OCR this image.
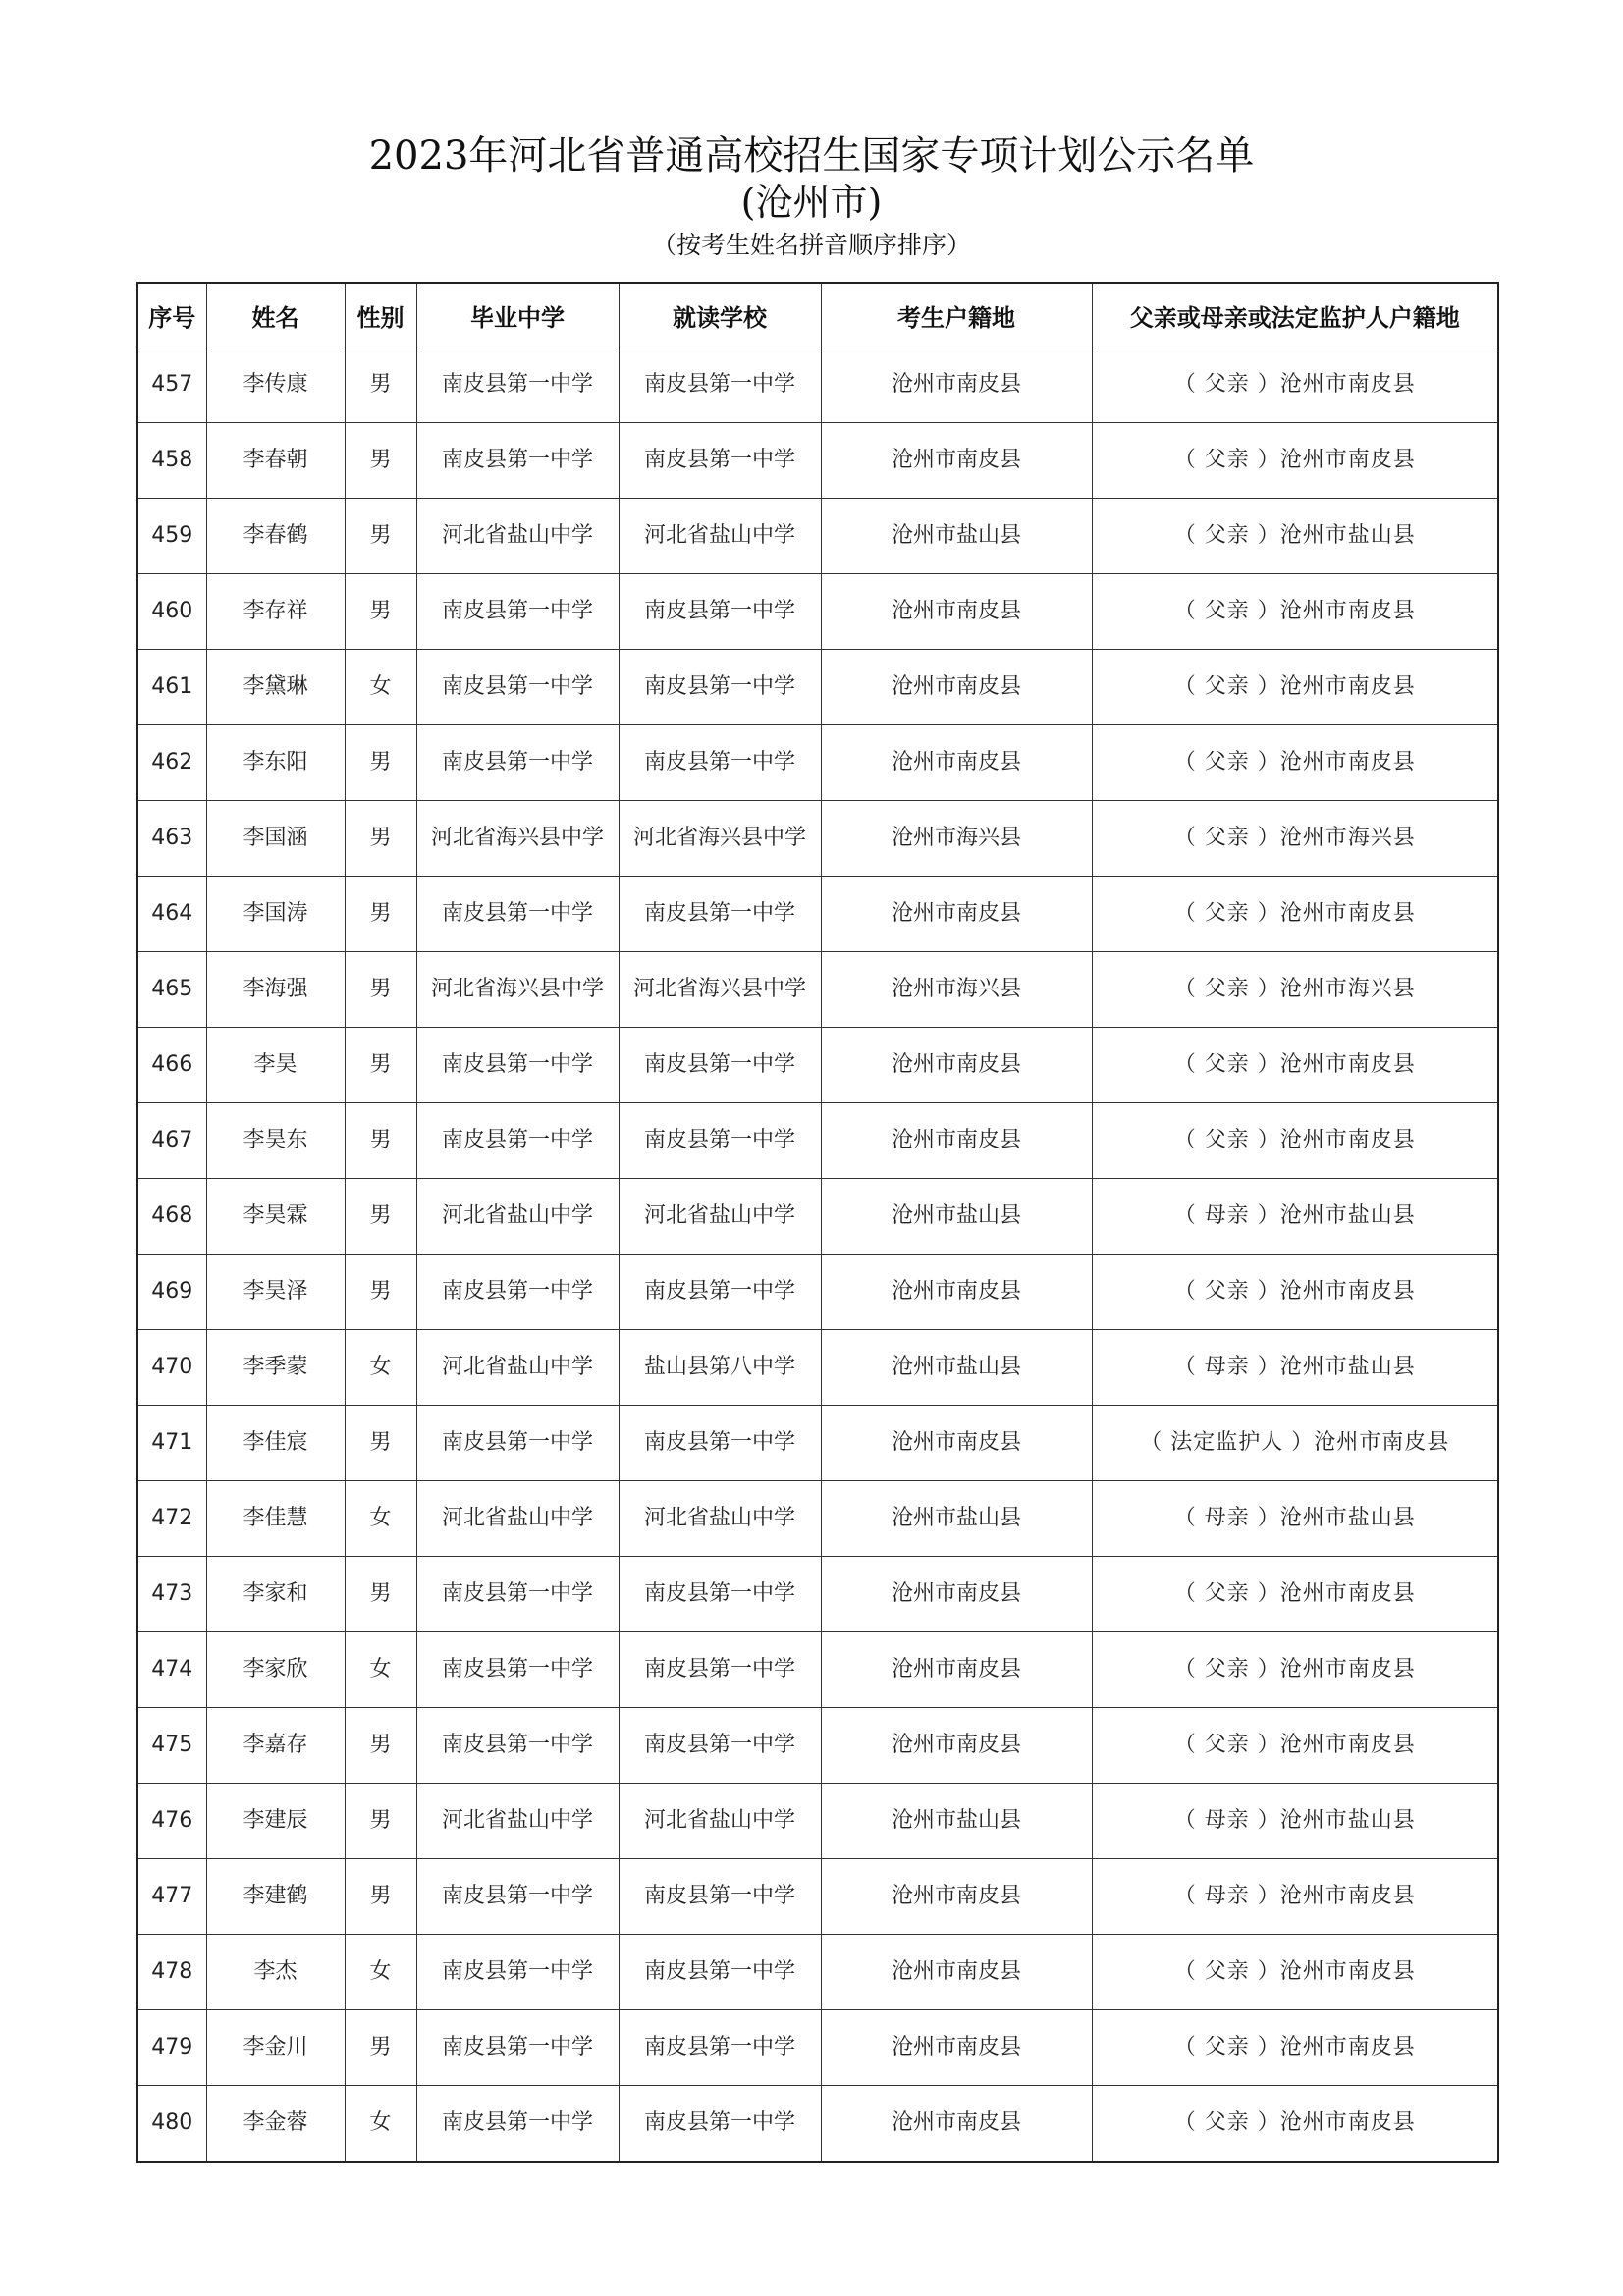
2023年河北省普通高校招生国家专项计划公示名单
(沧州市)
（按考生姓名拼音顺序排序）
序号	姓名	性别	毕业中学	就读学校	考生户籍地	父亲或母亲或法定监护人户籍地
457	李传康	男	南皮县第一中学	南皮县第一中学	沧州市南皮县	（ 父亲 ）沧州市南皮县
458	李春朝	男	南皮县第一中学	南皮县第一中学	沧州市南皮县	（ 父亲 ）沧州市南皮县
459	李春鹤	男	河北省盐山中学	河北省盐山中学	沧州市盐山县	（ 父亲 ）沧州市盐山县
460	李存祥	男	南皮县第一中学	南皮县第一中学	沧州市南皮县	（ 父亲 ）沧州市南皮县
461	李黛琳	女	南皮县第一中学	南皮县第一中学	沧州市南皮县	（ 父亲 ）沧州市南皮县
462	李东阳	男	南皮县第一中学	南皮县第一中学	沧州市南皮县	（ 父亲 ）沧州市南皮县
463	李国涵	男	河北省海兴县中学	河北省海兴县中学	沧州市海兴县	（ 父亲 ）沧州市海兴县
464	李国涛	男	南皮县第一中学	南皮县第一中学	沧州市南皮县	（ 父亲 ）沧州市南皮县
465	李海强	男	河北省海兴县中学	河北省海兴县中学	沧州市海兴县	（ 父亲 ）沧州市海兴县
466	李昊	男	南皮县第一中学	南皮县第一中学	沧州市南皮县	（ 父亲 ）沧州市南皮县
467	李昊东	男	南皮县第一中学	南皮县第一中学	沧州市南皮县	（ 父亲 ）沧州市南皮县
468	李昊霖	男	河北省盐山中学	河北省盐山中学	沧州市盐山县	（ 母亲 ）沧州市盐山县
469	李昊泽	男	南皮县第一中学	南皮县第一中学	沧州市南皮县	（ 父亲 ）沧州市南皮县
470	李季蒙	女	河北省盐山中学	盐山县第八中学	沧州市盐山县	（ 母亲 ）沧州市盐山县
471	李佳宸	男	南皮县第一中学	南皮县第一中学	沧州市南皮县	（ 法定监护人 ）沧州市南皮县
472	李佳慧	女	河北省盐山中学	河北省盐山中学	沧州市盐山县	（ 母亲 ）沧州市盐山县
473	李家和	男	南皮县第一中学	南皮县第一中学	沧州市南皮县	（ 父亲 ）沧州市南皮县
474	李家欣	女	南皮县第一中学	南皮县第一中学	沧州市南皮县	（ 父亲 ）沧州市南皮县
475	李嘉存	男	南皮县第一中学	南皮县第一中学	沧州市南皮县	（ 父亲 ）沧州市南皮县
476	李建辰	男	河北省盐山中学	河北省盐山中学	沧州市盐山县	（ 母亲 ）沧州市盐山县
477	李建鹤	男	南皮县第一中学	南皮县第一中学	沧州市南皮县	（ 母亲 ）沧州市南皮县
478	李杰	女	南皮县第一中学	南皮县第一中学	沧州市南皮县	（ 父亲 ）沧州市南皮县
479	李金川	男	南皮县第一中学	南皮县第一中学	沧州市南皮县	（ 父亲 ）沧州市南皮县
480	李金蓉	女	南皮县第一中学	南皮县第一中学	沧州市南皮县	（ 父亲 ）沧州市南皮县
